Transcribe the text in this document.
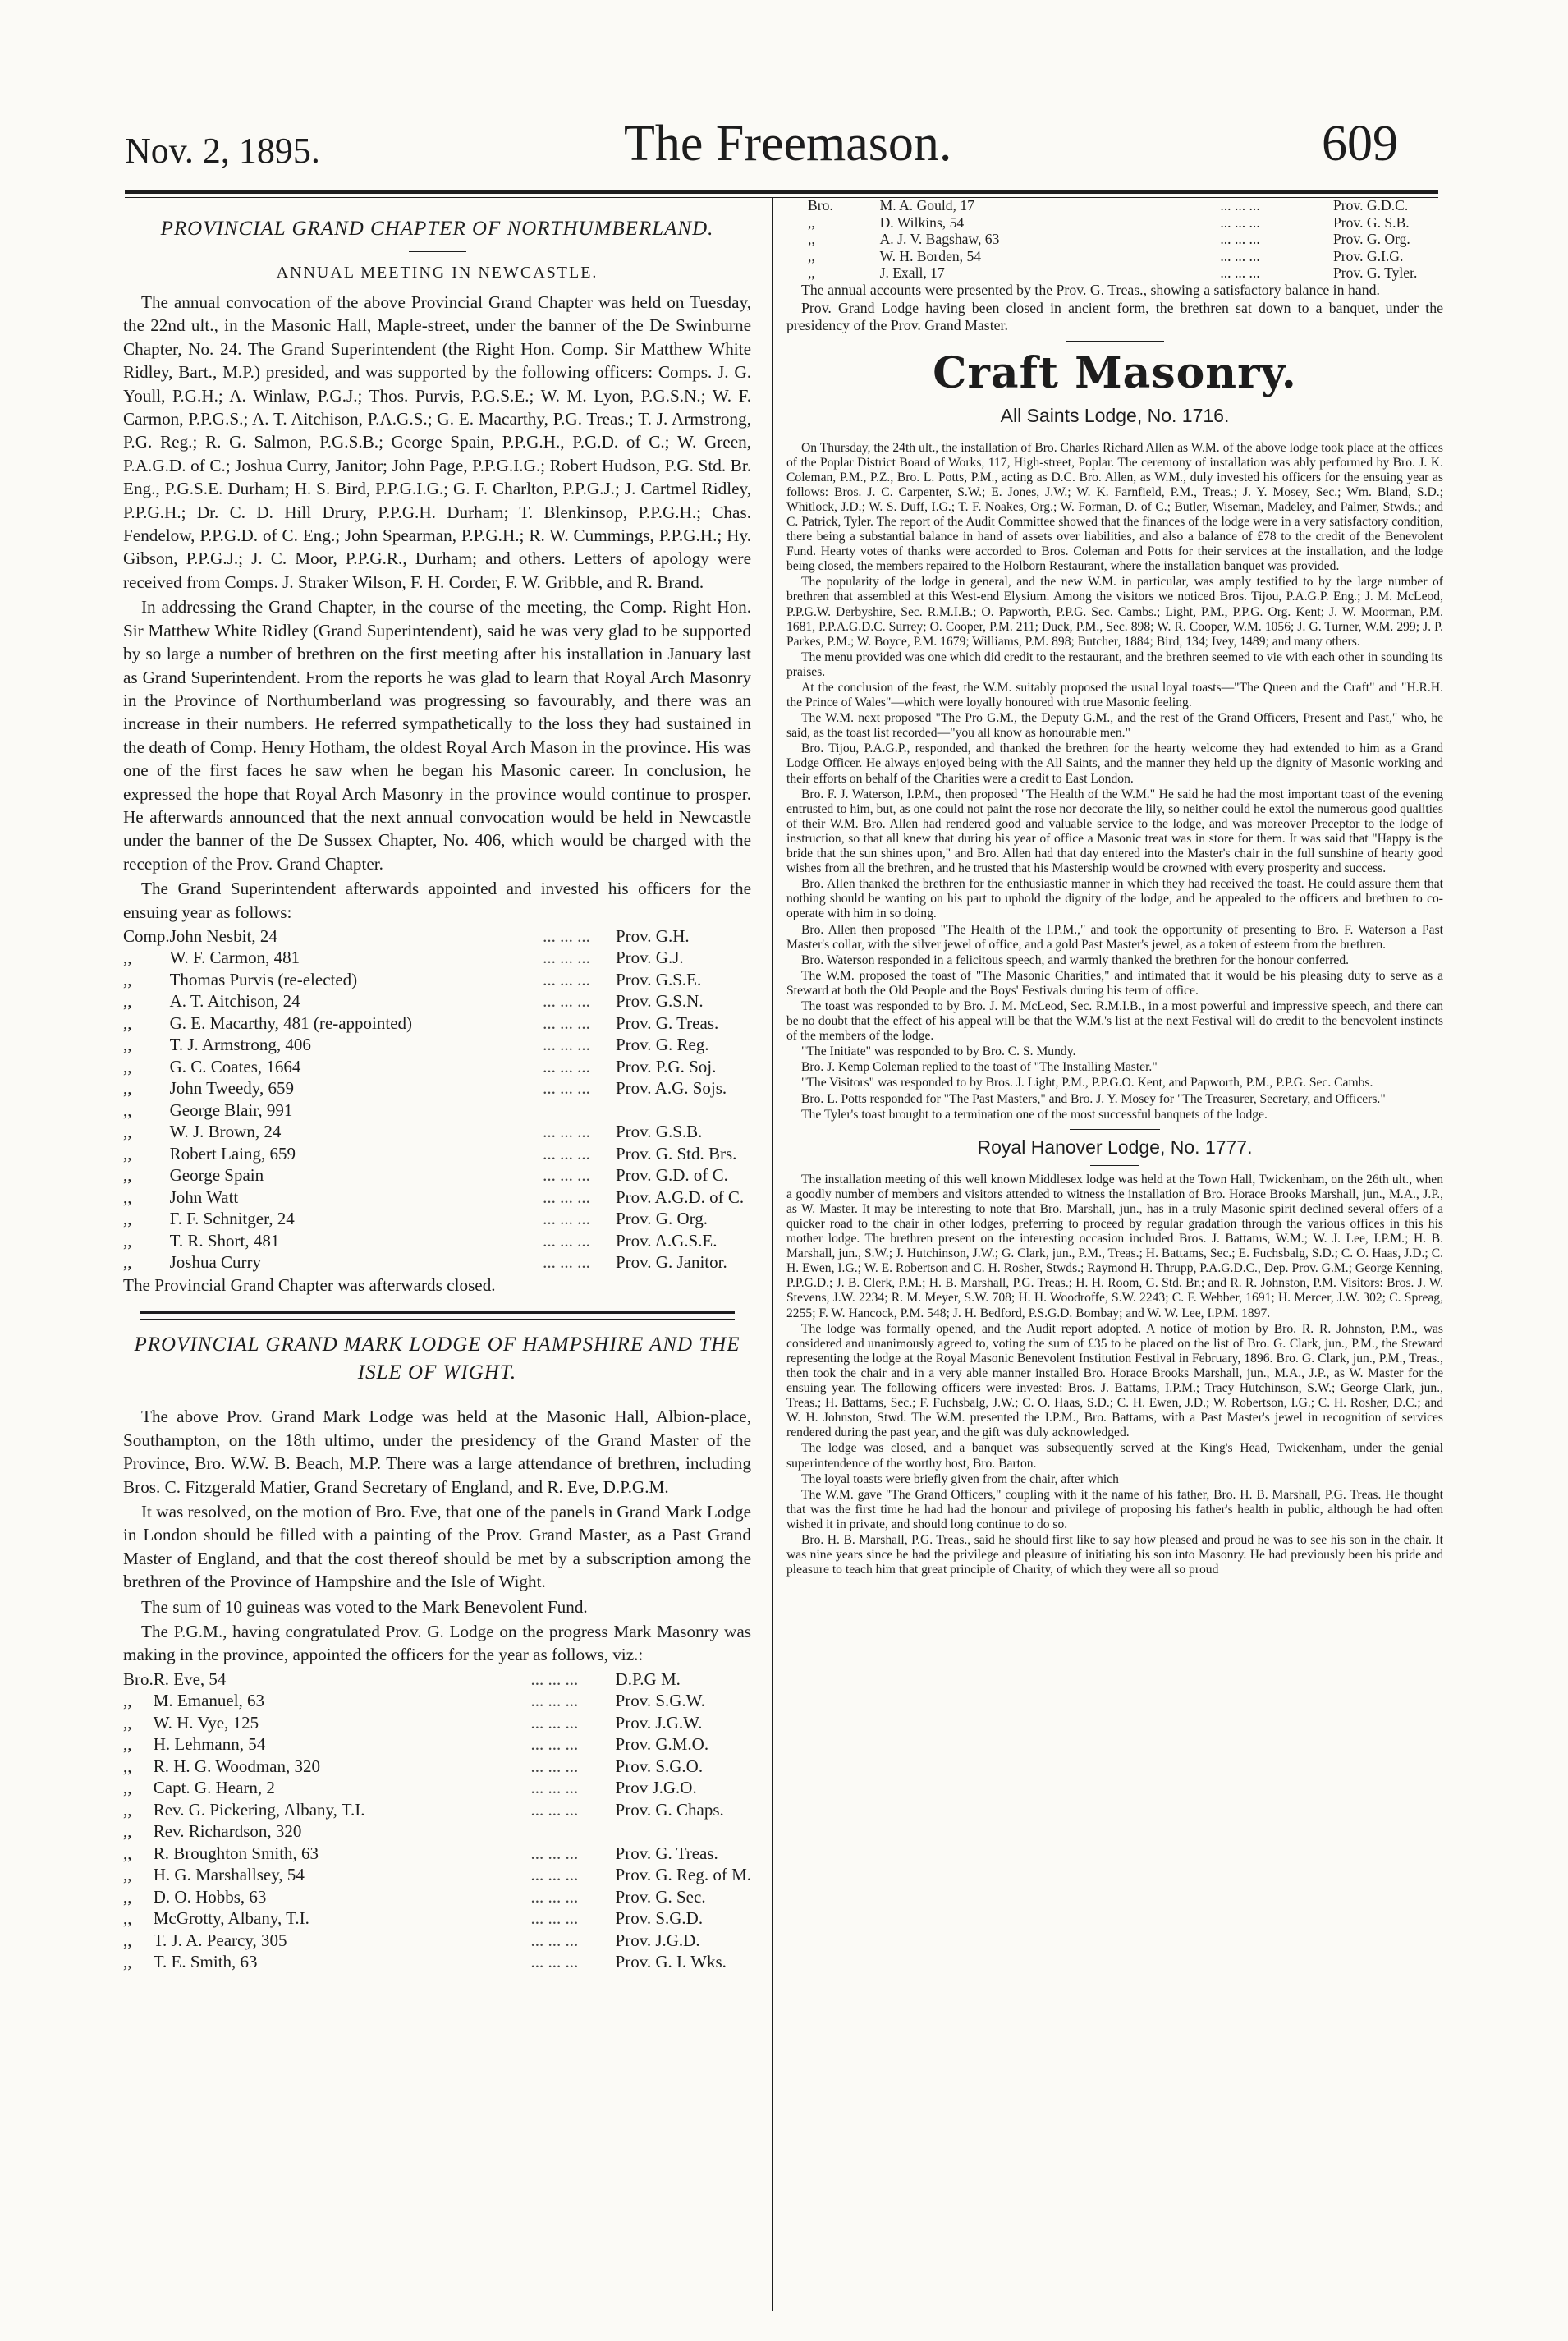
Nov. 2, 1895.	The Freemason.	609
PROVINCIAL GRAND CHAPTER OF NORTHUMBERLAND.
ANNUAL MEETING IN NEWCASTLE.

The annual convocation of the above Provincial Grand Chapter was held on Tuesday, the 22nd ult., in the Masonic Hall, Maple-street, under the banner of the De Swinburne Chapter, No. 24. The Grand Superintendent (the Right Hon. Comp. Sir Matthew White Ridley, Bart., M.P.) presided, and was supported by the following officers: Comps. J. G. Youll, P.G.H.; A. Winlaw, P.G.J.; Thos. Purvis, P.G.S.E.; W. M. Lyon, P.G.S.N.; W. F. Carmon, P.P.G.S.; A. T. Aitchison, P.A.G.S.; G. E. Macarthy, P.G. Treas.; T. J. Armstrong, P.G. Reg.; R. G. Salmon, P.G.S.B.; George Spain, P.P.G.H., P.G.D. of C.; W. Green, P.A.G.D. of C.; Joshua Curry, Janitor; John Page, P.P.G.I.G.; Robert Hudson, P.G. Std. Br. Eng., P.G.S.E. Durham; H. S. Bird, P.P.G.I.G.; G. F. Charlton, P.P.G.J.; J. Cartmel Ridley, P.P.G.H.; Dr. C. D. Hill Drury, P.P.G.H. Durham; T. Blenkinsop, P.P.G.H.; Chas. Fendelow, P.P.G.D. of C. Eng.; John Spearman, P.P.G.H.; R. W. Cummings, P.P.G.H.; Hy. Gibson, P.P.G.J.; J. C. Moor, P.P.G.R., Durham; and others. Letters of apology were received from Comps. J. Straker Wilson, F. H. Corder, F. W. Gribble, and R. Brand.

In addressing the Grand Chapter, in the course of the meeting, the Comp. Right Hon. Sir Matthew White Ridley (Grand Superintendent), said he was very glad to be supported by so large a number of brethren on the first meeting after his installation in January last as Grand Superintendent. From the reports he was glad to learn that Royal Arch Masonry in the Province of Northumberland was progressing so favourably, and there was an increase in their numbers. He referred sympathetically to the loss they had sustained in the death of Comp. Henry Hotham, the oldest Royal Arch Mason in the province. His was one of the first faces he saw when he began his Masonic career. In conclusion, he expressed the hope that Royal Arch Masonry in the province would continue to prosper. He afterwards announced that the next annual convocation would be held in Newcastle under the banner of the De Sussex Chapter, No. 406, which would be charged with the reception of the Prov. Grand Chapter.

The Grand Superintendent afterwards appointed and invested his officers for the ensuing year as follows:

Comp.	John Nesbit, 24	... ... ...	Prov. G.H.
,,	W. F. Carmon, 481	... ... ...	Prov. G.J.
,,	Thomas Purvis (re-elected)	... ... ...	Prov. G.S.E.
,,	A. T. Aitchison, 24	... ... ...	Prov. G.S.N.
,,	G. E. Macarthy, 481 (re-appointed)	... ... ...	Prov. G. Treas.
,,	T. J. Armstrong, 406	... ... ...	Prov. G. Reg.
,,	G. C. Coates, 1664	... ... ...	Prov. P.G. Soj.
,,	John Tweedy, 659	... ... ...	Prov. A.G. Sojs.
,,	George Blair, 991		
,,	W. J. Brown, 24	... ... ...	Prov. G.S.B.
,,	Robert Laing, 659	... ... ...	Prov. G. Std. Brs.
,,	George Spain	... ... ...	Prov. G.D. of C.
,,	John Watt	... ... ...	Prov. A.G.D. of C.
,,	F. F. Schnitger, 24	... ... ...	Prov. G. Org.
,,	T. R. Short, 481	... ... ...	Prov. A.G.S.E.
,,	Joshua Curry	... ... ...	Prov. G. Janitor.

The Provincial Grand Chapter was afterwards closed.

PROVINCIAL GRAND MARK LODGE OF HAMPSHIRE AND THE ISLE OF WIGHT.

The above Prov. Grand Mark Lodge was held at the Masonic Hall, Albion-place, Southampton, on the 18th ultimo, under the presidency of the Grand Master of the Province, Bro. W.W. B. Beach, M.P. There was a large attendance of brethren, including Bros. C. Fitzgerald Matier, Grand Secretary of England, and R. Eve, D.P.G.M.

It was resolved, on the motion of Bro. Eve, that one of the panels in Grand Mark Lodge in London should be filled with a painting of the Prov. Grand Master, as a Past Grand Master of England, and that the cost thereof should be met by a subscription among the brethren of the Province of Hampshire and the Isle of Wight.

The sum of 10 guineas was voted to the Mark Benevolent Fund.

The P.G.M., having congratulated Prov. G. Lodge on the progress Mark Masonry was making in the province, appointed the officers for the year as follows, viz.:

Bro.	R. Eve, 54	... ... ...	D.P.G M.
,,	M. Emanuel, 63	... ... ...	Prov. S.G.W.
,,	W. H. Vye, 125	... ... ...	Prov. J.G.W.
,,	H. Lehmann, 54	... ... ...	Prov. G.M.O.
,,	R. H. G. Woodman, 320	... ... ...	Prov. S.G.O.
,,	Capt. G. Hearn, 2	... ... ...	Prov J.G.O.
,,	Rev. G. Pickering, Albany, T.I.	... ... ...	Prov. G. Chaps.
,,	Rev. Richardson, 320		
,,	R. Broughton Smith, 63	... ... ...	Prov. G. Treas.
,,	H. G. Marshallsey, 54	... ... ...	Prov. G. Reg. of M.
,,	D. O. Hobbs, 63	... ... ...	Prov. G. Sec.
,,	McGrotty, Albany, T.I.	... ... ...	Prov. S.G.D.
,,	T. J. A. Pearcy, 305	... ... ...	Prov. J.G.D.
,,	T. E. Smith, 63	... ... ...	Prov. G. I. Wks.
Bro.	M. A. Gould, 17	... ... ...	Prov. G.D.C.
,,	D. Wilkins, 54	... ... ...	Prov. G. S.B.
,,	A. J. V. Bagshaw, 63	... ... ...	Prov. G. Org.
,,	W. H. Borden, 54	... ... ...	Prov. G.I.G.
,,	J. Exall, 17	... ... ...	Prov. G. Tyler.

The annual accounts were presented by the Prov. G. Treas., showing a satisfactory balance in hand.

Prov. Grand Lodge having been closed in ancient form, the brethren sat down to a banquet, under the presidency of the Prov. Grand Master.

Craft Masonry.
All Saints Lodge, No. 1716.

On Thursday, the 24th ult., the installation of Bro. Charles Richard Allen as W.M. of the above lodge took place at the offices of the Poplar District Board of Works, 117, High-street, Poplar. The ceremony of installation was ably performed by Bro. J. K. Coleman, P.M., P.Z., Bro. L. Potts, P.M., acting as D.C. Bro. Allen, as W.M., duly invested his officers for the ensuing year as follows: Bros. J. C. Carpenter, S.W.; E. Jones, J.W.; W. K. Farnfield, P.M., Treas.; J. Y. Mosey, Sec.; Wm. Bland, S.D.; Whitlock, J.D.; W. S. Duff, I.G.; T. F. Noakes, Org.; W. Forman, D. of C.; Butler, Wiseman, Madeley, and Palmer, Stwds.; and C. Patrick, Tyler. The report of the Audit Committee showed that the finances of the lodge were in a very satisfactory condition, there being a substantial balance in hand of assets over liabilities, and also a balance of £78 to the credit of the Benevolent Fund. Hearty votes of thanks were accorded to Bros. Coleman and Potts for their services at the installation, and the lodge being closed, the members repaired to the Holborn Restaurant, where the installation banquet was provided.

The popularity of the lodge in general, and the new W.M. in particular, was amply testified to by the large number of brethren that assembled at this West-end Elysium. Among the visitors we noticed Bros. Tijou, P.A.G.P. Eng.; J. M. McLeod, P.P.G.W. Derbyshire, Sec. R.M.I.B.; O. Papworth, P.P.G. Sec. Cambs.; Light, P.M., P.P.G. Org. Kent; J. W. Moorman, P.M. 1681, P.P.A.G.D.C. Surrey; O. Cooper, P.M. 211; Duck, P.M., Sec. 898; W. R. Cooper, W.M. 1056; J. G. Turner, W.M. 299; J. P. Parkes, P.M.; W. Boyce, P.M. 1679; Williams, P.M. 898; Butcher, 1884; Bird, 134; Ivey, 1489; and many others.

The menu provided was one which did credit to the restaurant, and the brethren seemed to vie with each other in sounding its praises.

At the conclusion of the feast, the W.M. suitably proposed the usual loyal toasts—"The Queen and the Craft" and "H.R.H. the Prince of Wales"—which were loyally honoured with true Masonic feeling.

The W.M. next proposed "The Pro G.M., the Deputy G.M., and the rest of the Grand Officers, Present and Past," who, he said, as the toast list recorded—"you all know as honourable men."

Bro. Tijou, P.A.G.P., responded, and thanked the brethren for the hearty welcome they had extended to him as a Grand Lodge Officer. He always enjoyed being with the All Saints, and the manner they held up the dignity of Masonic working and their efforts on behalf of the Charities were a credit to East London.

Bro. F. J. Waterson, I.P.M., then proposed "The Health of the W.M." He said he had the most important toast of the evening entrusted to him, but, as one could not paint the rose nor decorate the lily, so neither could he extol the numerous good qualities of their W.M. Bro. Allen had rendered good and valuable service to the lodge, and was moreover Preceptor to the lodge of instruction, so that all knew that during his year of office a Masonic treat was in store for them. It was said that "Happy is the bride that the sun shines upon," and Bro. Allen had that day entered into the Master's chair in the full sunshine of hearty good wishes from all the brethren, and he trusted that his Mastership would be crowned with every prosperity and success.

Bro. Allen thanked the brethren for the enthusiastic manner in which they had received the toast. He could assure them that nothing should be wanting on his part to uphold the dignity of the lodge, and he appealed to the officers and brethren to co-operate with him in so doing.

Bro. Allen then proposed "The Health of the I.P.M.," and took the opportunity of presenting to Bro. F. Waterson a Past Master's collar, with the silver jewel of office, and a gold Past Master's jewel, as a token of esteem from the brethren.

Bro. Waterson responded in a felicitous speech, and warmly thanked the brethren for the honour conferred.

The W.M. proposed the toast of "The Masonic Charities," and intimated that it would be his pleasing duty to serve as a Steward at both the Old People and the Boys' Festivals during his term of office.

The toast was responded to by Bro. J. M. McLeod, Sec. R.M.I.B., in a most powerful and impressive speech, and there can be no doubt that the effect of his appeal will be that the W.M.'s list at the next Festival will do credit to the benevolent instincts of the members of the lodge.

"The Initiate" was responded to by Bro. C. S. Mundy.

Bro. J. Kemp Coleman replied to the toast of "The Installing Master."

"The Visitors" was responded to by Bros. J. Light, P.M., P.P.G.O. Kent, and Papworth, P.M., P.P.G. Sec. Cambs.

Bro. L. Potts responded for "The Past Masters," and Bro. J. Y. Mosey for "The Treasurer, Secretary, and Officers."

The Tyler's toast brought to a termination one of the most successful banquets of the lodge.

Royal Hanover Lodge, No. 1777.

The installation meeting of this well known Middlesex lodge was held at the Town Hall, Twickenham, on the 26th ult., when a goodly number of members and visitors attended to witness the installation of Bro. Horace Brooks Marshall, jun., M.A., J.P., as W. Master. It may be interesting to note that Bro. Marshall, jun., has in a truly Masonic spirit declined several offers of a quicker road to the chair in other lodges, preferring to proceed by regular gradation through the various offices in this his mother lodge. The brethren present on the interesting occasion included Bros. J. Battams, W.M.; W. J. Lee, I.P.M.; H. B. Marshall, jun., S.W.; J. Hutchinson, J.W.; G. Clark, jun., P.M., Treas.; H. Battams, Sec.; E. Fuchsbalg, S.D.; C. O. Haas, J.D.; C. H. Ewen, I.G.; W. E. Robertson and C. H. Rosher, Stwds.; Raymond H. Thrupp, P.A.G.D.C., Dep. Prov. G.M.; George Kenning, P.P.G.D.; J. B. Clerk, P.M.; H. B. Marshall, P.G. Treas.; H. H. Room, G. Std. Br.; and R. R. Johnston, P.M. Visitors: Bros. J. W. Stevens, J.W. 2234; R. M. Meyer, S.W. 708; H. H. Woodroffe, S.W. 2243; C. F. Webber, 1691; H. Mercer, J.W. 302; C. Spreag, 2255; F. W. Hancock, P.M. 548; J. H. Bedford, P.S.G.D. Bombay; and W. W. Lee, I.P.M. 1897.

The lodge was formally opened, and the Audit report adopted. A notice of motion by Bro. R. R. Johnston, P.M., was considered and unanimously agreed to, voting the sum of £35 to be placed on the list of Bro. G. Clark, jun., P.M., the Steward representing the lodge at the Royal Masonic Benevolent Institution Festival in February, 1896. Bro. G. Clark, jun., P.M., Treas., then took the chair and in a very able manner installed Bro. Horace Brooks Marshall, jun., M.A., J.P., as W. Master for the ensuing year. The following officers were invested: Bros. J. Battams, I.P.M.; Tracy Hutchinson, S.W.; George Clark, jun., Treas.; H. Battams, Sec.; F. Fuchsbalg, J.W.; C. O. Haas, S.D.; C. H. Ewen, J.D.; W. Robertson, I.G.; C. H. Rosher, D.C.; and W. H. Johnston, Stwd. The W.M. presented the I.P.M., Bro. Battams, with a Past Master's jewel in recognition of services rendered during the past year, and the gift was duly acknowledged.

The lodge was closed, and a banquet was subsequently served at the King's Head, Twickenham, under the genial superintendence of the worthy host, Bro. Barton.

The loyal toasts were briefly given from the chair, after which

The W.M. gave "The Grand Officers," coupling with it the name of his father, Bro. H. B. Marshall, P.G. Treas. He thought that was the first time he had had the honour and privilege of proposing his father's health in public, although he had often wished it in private, and should long continue to do so.

Bro. H. B. Marshall, P.G. Treas., said he should first like to say how pleased and proud he was to see his son in the chair. It was nine years since he had the privilege and pleasure of initiating his son into Masonry. He had previously been his pride and pleasure to teach him that great principle of Charity, of which they were all so proud
